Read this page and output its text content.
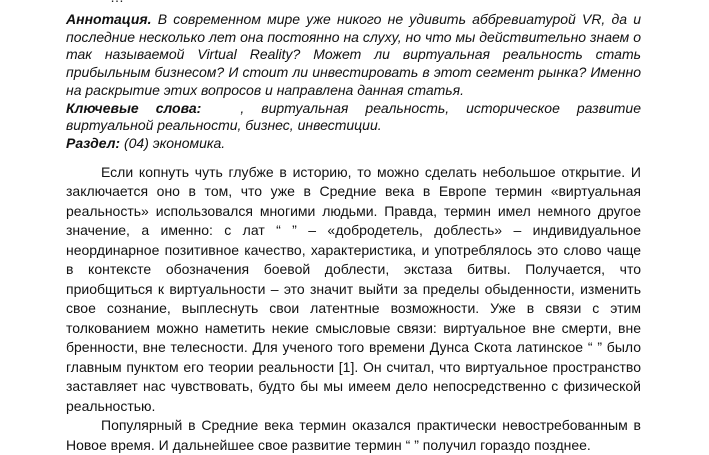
Аннотация. В современном мире уже никого не удивить аббревиатурой VR, да и последние несколько лет она постоянно на слуху, но что мы действительно знаем о так называемой Virtual Reality? Может ли виртуальная реальность стать прибыльным бизнесом? И стоит ли инвестировать в этот сегмент рынка? Именно на раскрытие этих вопросов и направлена данная статья.

Ключевые слова:	, виртуальная реальность, историческое развитие виртуальной реальности, бизнес, инвестиции.

Раздел: (04) экономика.

Если копнуть чуть глубже в историю, то можно сделать небольшое открытие. И заключается оно в том, что уже в Средние века в Европе термин «виртуальная реальность» использовался многими людьми. Правда, термин имел немного другое значение, а именно: с лат “ ” – «добродетель, доблесть» – индивидуальное неординарное позитивное качество, характеристика, и употреблялось это слово чаще в контексте обозначения боевой доблести, экстаза битвы. Получается, что приобщиться к виртуальности – это значит выйти за пределы обыденности, изменить свое сознание, выплеснуть свои латентные возможности. Уже в связи с этим толкованием можно наметить некие смысловые связи: виртуальное вне смерти, вне бренности, вне телесности. Для ученого того времени Дунса Скота латинское “ ” было главным пунктом его теории реальности [1]. Он считал, что виртуальное пространство заставляет нас чувствовать, будто бы мы имеем дело непосредственно с физической реальностью.

Популярный в Средние века термин оказался практически невостребованным в Новое время. И дальнейшее свое развитие термин “ ” получил гораздо позднее.
